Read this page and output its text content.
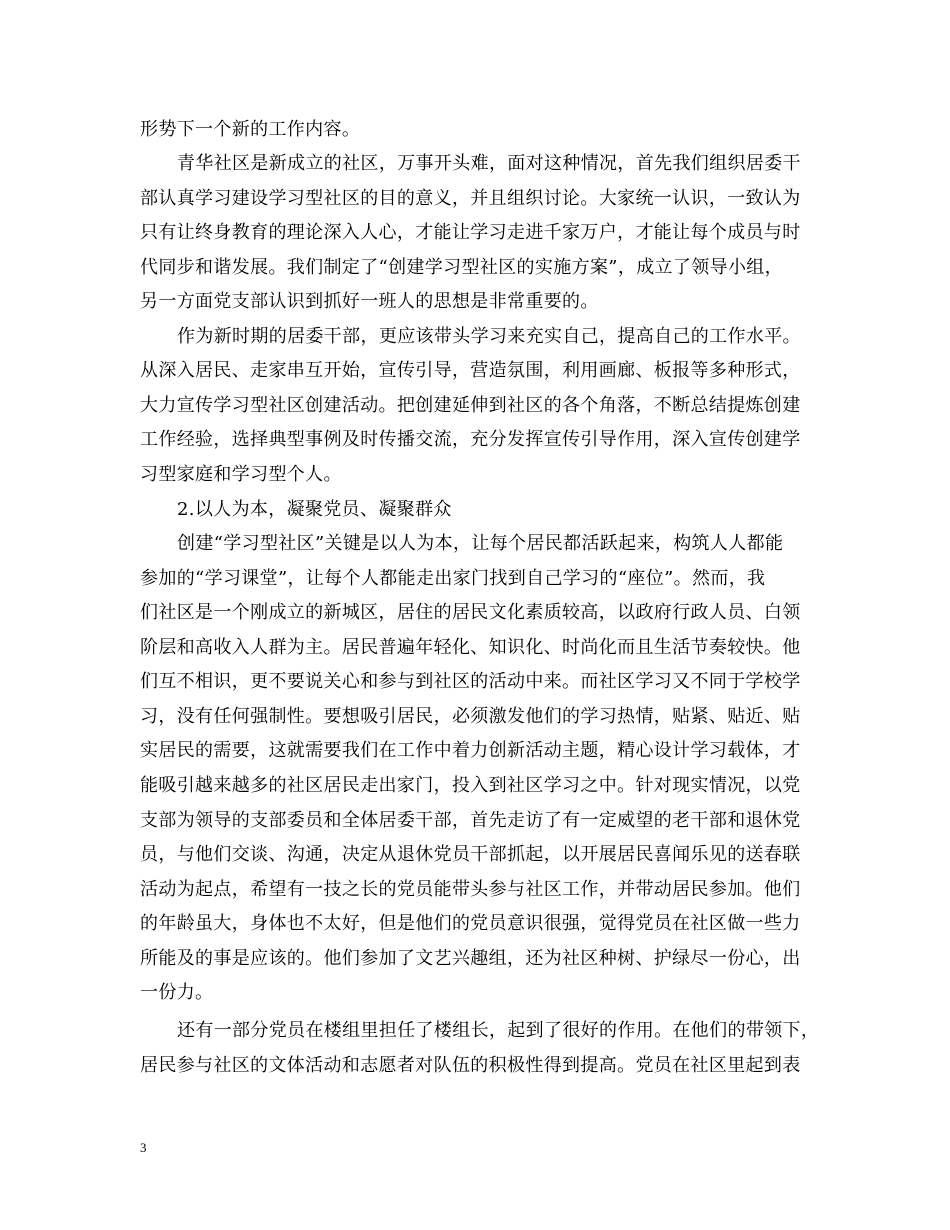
形势下一个新的工作内容。
青华社区是新成立的社区，万事开头难，面对这种情况，首先我们组织居委干
部认真学习建设学习型社区的目的意义，并且组织讨论。大家统一认识，一致认为
只有让终身教育的理论深入人心，才能让学习走进千家万户，才能让每个成员与时
代同步和谐发展。我们制定了“创建学习型社区的实施方案”，成立了领导小组，
另一方面党支部认识到抓好一班人的思想是非常重要的。
作为新时期的居委干部，更应该带头学习来充实自己，提高自己的工作水平。
从深入居民、走家串互开始，宣传引导，营造氛围，利用画廊、板报等多种形式，
大力宣传学习型社区创建活动。把创建延伸到社区的各个角落，不断总结提炼创建
工作经验，选择典型事例及时传播交流，充分发挥宣传引导作用，深入宣传创建学
习型家庭和学习型个人。
2.以人为本，凝聚党员、凝聚群众
创建“学习型社区”关键是以人为本，让每个居民都活跃起来，构筑人人都能
参加的“学习课堂”，让每个人都能走出家门找到自己学习的“座位”。然而，我
们社区是一个刚成立的新城区，居住的居民文化素质较高，以政府行政人员、白领
阶层和高收入人群为主。居民普遍年轻化、知识化、时尚化而且生活节奏较快。他
们互不相识，更不要说关心和参与到社区的活动中来。而社区学习又不同于学校学
习，没有任何强制性。要想吸引居民，必须激发他们的学习热情，贴紧、贴近、贴
实居民的需要，这就需要我们在工作中着力创新活动主题，精心设计学习载体，才
能吸引越来越多的社区居民走出家门，投入到社区学习之中。针对现实情况，以党
支部为领导的支部委员和全体居委干部，首先走访了有一定威望的老干部和退休党
员，与他们交谈、沟通，决定从退休党员干部抓起，以开展居民喜闻乐见的送春联
活动为起点，希望有一技之长的党员能带头参与社区工作，并带动居民参加。他们
的年龄虽大，身体也不太好，但是他们的党员意识很强，觉得党员在社区做一些力
所能及的事是应该的。他们参加了文艺兴趣组，还为社区种树、护绿尽一份心，出
一份力。
还有一部分党员在楼组里担任了楼组长，起到了很好的作用。在他们的带领下，
居民参与社区的文体活动和志愿者对队伍的积极性得到提高。党员在社区里起到表
3
